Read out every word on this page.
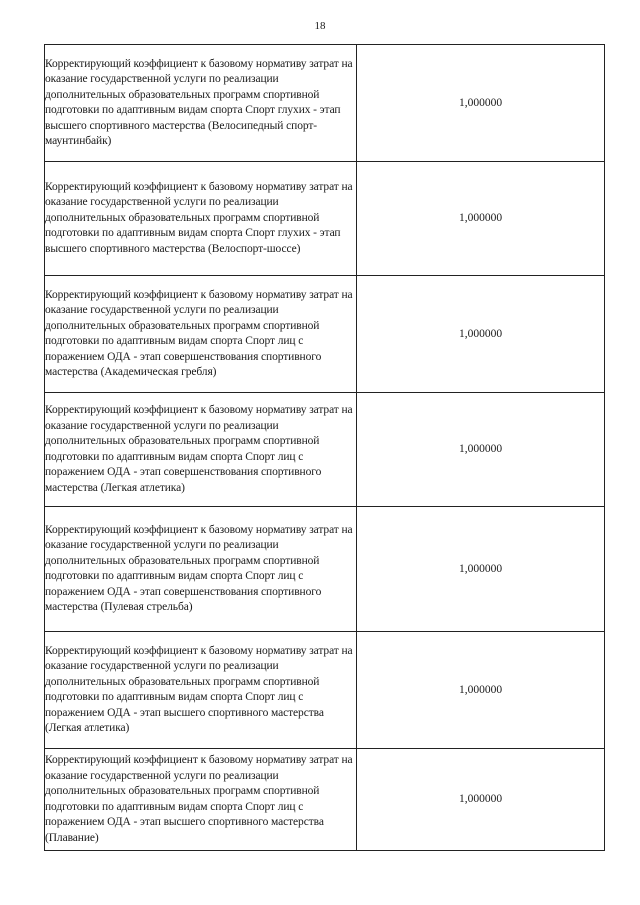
18
Корректирующий коэффициент к базовому нормативу затрат на оказание государственной услуги по реализации дополнительных образовательных программ спортивной подготовки по адаптивным видам спорта Спорт глухих - этап высшего спортивного мастерства (Велосипедный спорт-маунтинбайк)	1,000000
Корректирующий коэффициент к базовому нормативу затрат на оказание государственной услуги по реализации дополнительных образовательных программ спортивной подготовки по адаптивным видам спорта Спорт глухих - этап высшего спортивного мастерства (Велоспорт-шоссе)	1,000000
Корректирующий коэффициент к базовому нормативу затрат на оказание государственной услуги по реализации дополнительных образовательных программ спортивной подготовки по адаптивным видам спорта Спорт лиц с поражением ОДА - этап совершенствования спортивного мастерства (Академическая гребля)	1,000000
Корректирующий коэффициент к базовому нормативу затрат на оказание государственной услуги по реализации дополнительных образовательных программ спортивной подготовки по адаптивным видам спорта Спорт лиц с поражением ОДА - этап совершенствования спортивного мастерства (Легкая атлетика)	1,000000
Корректирующий коэффициент к базовому нормативу затрат на оказание государственной услуги по реализации дополнительных образовательных программ спортивной подготовки по адаптивным видам спорта Спорт лиц с поражением ОДА - этап совершенствования спортивного мастерства (Пулевая стрельба)	1,000000
Корректирующий коэффициент к базовому нормативу затрат на оказание государственной услуги по реализации дополнительных образовательных программ спортивной подготовки по адаптивным видам спорта Спорт лиц с поражением ОДА - этап высшего спортивного мастерства (Легкая атлетика)	1,000000
Корректирующий коэффициент к базовому нормативу затрат на оказание государственной услуги по реализации дополнительных образовательных программ спортивной подготовки по адаптивным видам спорта Спорт лиц с поражением ОДА - этап высшего спортивного мастерства (Плавание)	1,000000
